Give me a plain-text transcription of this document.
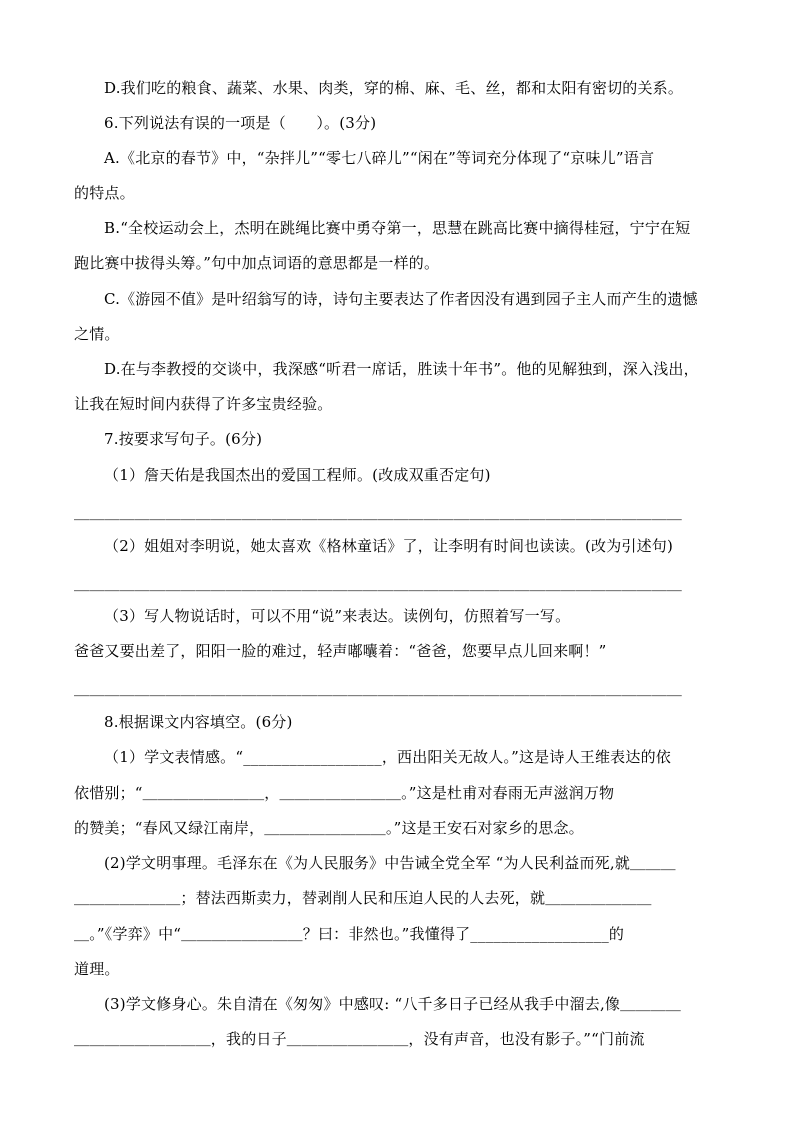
D.我们吃的粮食、蔬菜、水果、肉类，穿的棉、麻、毛、丝，都和太阳有密切的关系。
6.下列说法有误的一项是（　　）。(3分)
A.《北京的春节》中，“杂拌儿”“零七八碎儿”“闲在”等词充分体现了“京味儿”语言
的特点。
B.“全校运动会上，杰明在跳绳比赛中勇夺第一，思慧在跳高比赛中摘得桂冠，宁宁在短
跑比赛中拔得头筹。”句中加点词语的意思都是一样的。
C.《游园不值》是叶绍翁写的诗，诗句主要表达了作者因没有遇到园子主人而产生的遗憾
之情。
D.在与李教授的交谈中，我深感“听君一席话，胜读十年书”。他的见解独到，深入浅出，
让我在短时间内获得了许多宝贵经验。
7.按要求写句子。(6分)
（1）詹天佑是我国杰出的爱国工程师。(改成双重否定句)
＿＿＿＿＿＿＿＿＿＿＿＿＿＿＿＿＿＿＿＿＿＿＿＿＿＿＿＿＿＿＿＿＿＿＿＿＿＿＿＿
（2）姐姐对李明说，她太喜欢《格林童话》了，让李明有时间也读读。(改为引述句)
＿＿＿＿＿＿＿＿＿＿＿＿＿＿＿＿＿＿＿＿＿＿＿＿＿＿＿＿＿＿＿＿＿＿＿＿＿＿＿＿
（3）写人物说话时，可以不用“说”来表达。读例句，仿照着写一写。
爸爸又要出差了，阳阳一脸的难过，轻声嘟囔着：“爸爸，您要早点儿回来啊！”
＿＿＿＿＿＿＿＿＿＿＿＿＿＿＿＿＿＿＿＿＿＿＿＿＿＿＿＿＿＿＿＿＿＿＿＿＿＿＿＿
8.根据课文内容填空。(6分)
（1）学文表情感。“__________________，西出阳关无故人。”这是诗人王维表达的依
依惜别；“＿＿＿＿＿＿＿＿，＿＿＿＿＿＿＿＿。”这是杜甫对春雨无声滋润万物
的赞美；“春风又绿江南岸，＿＿＿＿＿＿＿＿。”这是王安石对家乡的思念。
(2)学文明事理。毛泽东在《为人民服务》中告诫全党全军 “为人民利益而死,就＿＿＿
＿＿＿＿＿＿＿；替法西斯卖力，替剥削人民和压迫人民的人去死，就＿＿＿＿＿＿＿
＿。”《学弈》中“＿＿＿＿＿＿＿＿？曰：非然也。”我懂得了__________________的
道理。
(3)学文修身心。朱自清在《匆匆》中感叹: “八千多日子已经从我手中溜去,像＿＿＿＿
＿＿＿＿＿＿＿＿＿，我的日子＿＿＿＿＿＿＿＿，没有声音，也没有影子。”“门前流
